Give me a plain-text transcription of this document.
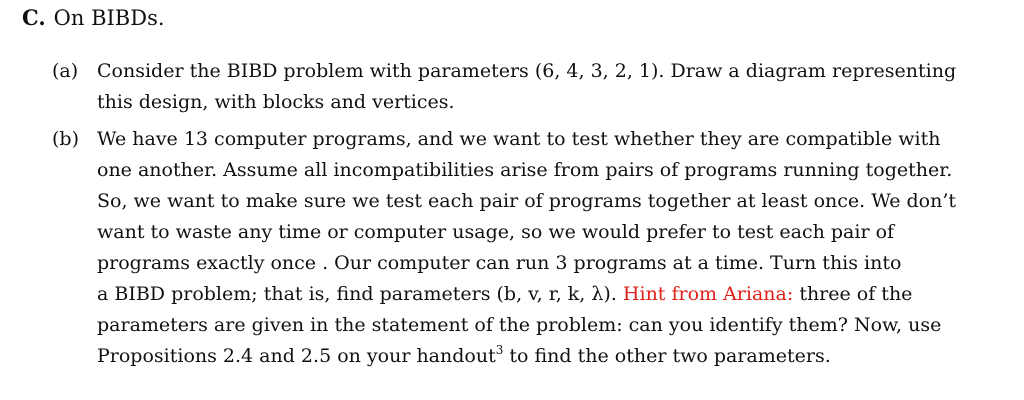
C. On BIBDs.
(a) Consider the BIBD problem with parameters (6, 4, 3, 2, 1). Draw a diagram representing
this design, with blocks and vertices.
(b) We have 13 computer programs, and we want to test whether they are compatible with
one another. Assume all incompatibilities arise from pairs of programs running together.
So, we want to make sure we test each pair of programs together at least once. We don’t
want to waste any time or computer usage, so we would prefer to test each pair of
programs exactly once . Our computer can run 3 programs at a time. Turn this into
a BIBD problem; that is, find parameters (b, v, r, k, λ). Hint from Ariana: three of the
parameters are given in the statement of the problem: can you identify them? Now, use
Propositions 2.4 and 2.5 on your handout$^3$ to find the other two parameters.
